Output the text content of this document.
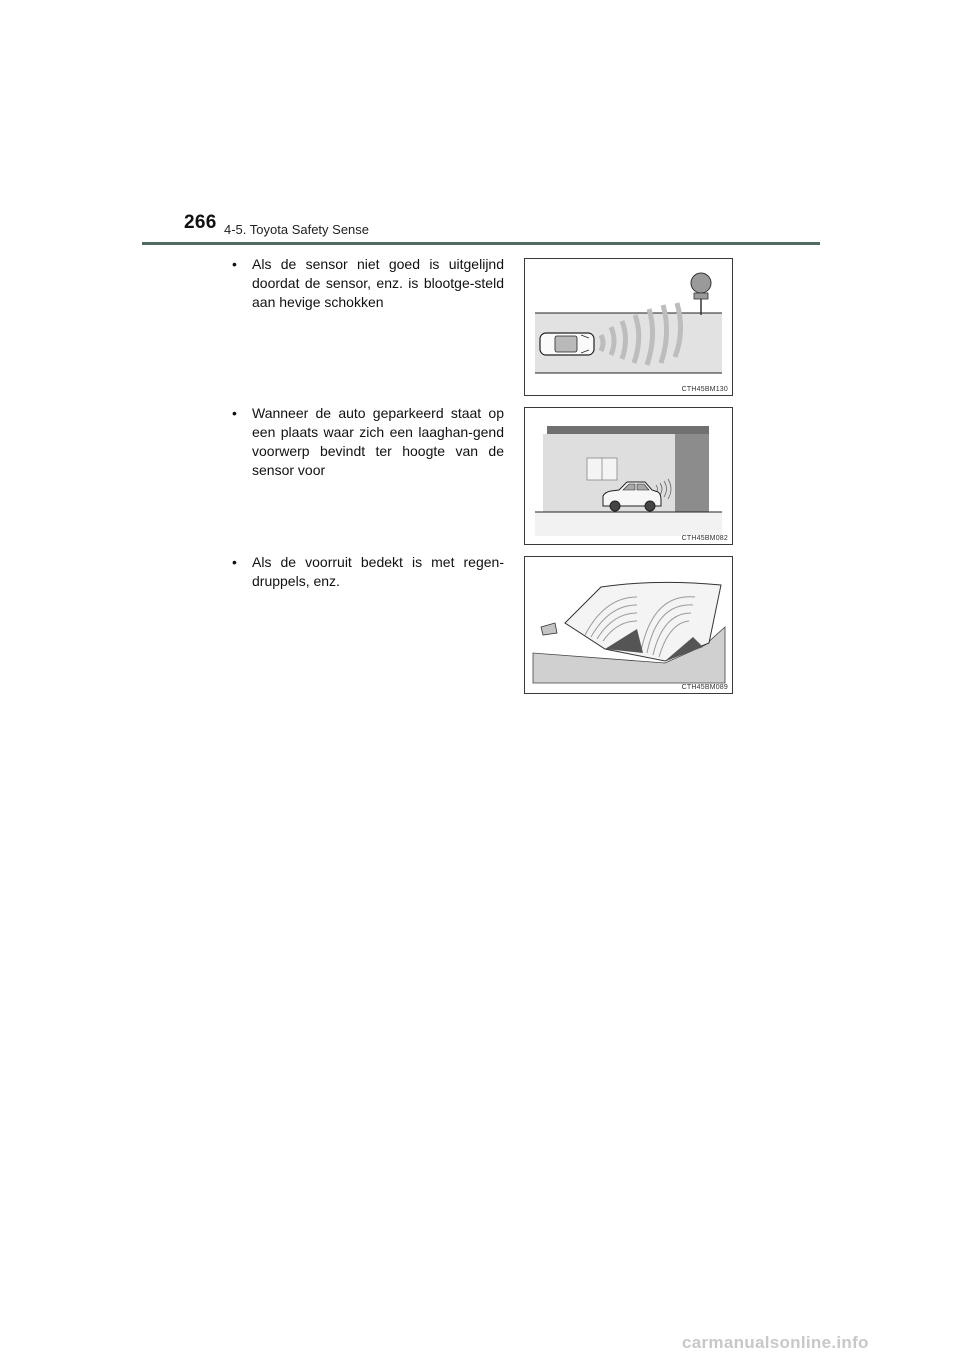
266 4-5. Toyota Safety Sense

• Als de sensor niet goed is uitgelijnd doordat de sensor, enz. is blootge-steld aan hevige schokken

CTH45BM130

• Wanneer de auto geparkeerd staat op een plaats waar zich een laaghan-gend voorwerp bevindt ter hoogte van de sensor voor

CTH45BM082

• Als de voorruit bedekt is met regen-druppels, enz.

CTH45BM089
carmanualsonline.info
